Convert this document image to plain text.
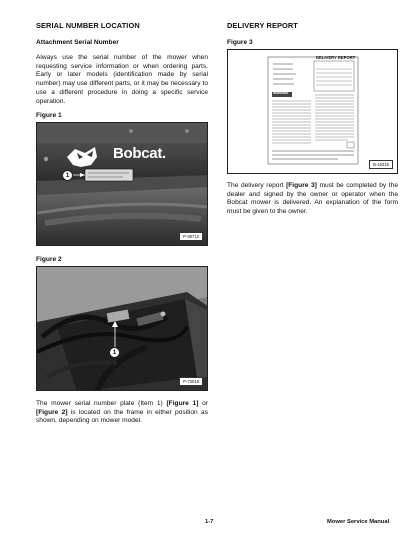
SERIAL NUMBER LOCATION
Attachment Serial Number
Always use the serial number of the mower when requesting service information or when ordering parts. Early or later models (identification made by serial number) may use different parts, or it may be necessary to use a different procedure in doing a specific service operation.
Figure 1
Bobcat.
1
P-38713
Figure 2
1
P-73019
The mower serial number plate (Item 1) [Figure 1] or [Figure 2] is located on the frame in either position as shown, depending on mower model.
DELIVERY REPORT
Figure 3
DELIVERY REPORT
WARNING
B-16315
The delivery report [Figure 3] must be completed by the dealer and signed by the owner or operator when the Bobcat mower is delivered. An explanation of the form must be given to the owner.
1-7	Mower Service Manual
